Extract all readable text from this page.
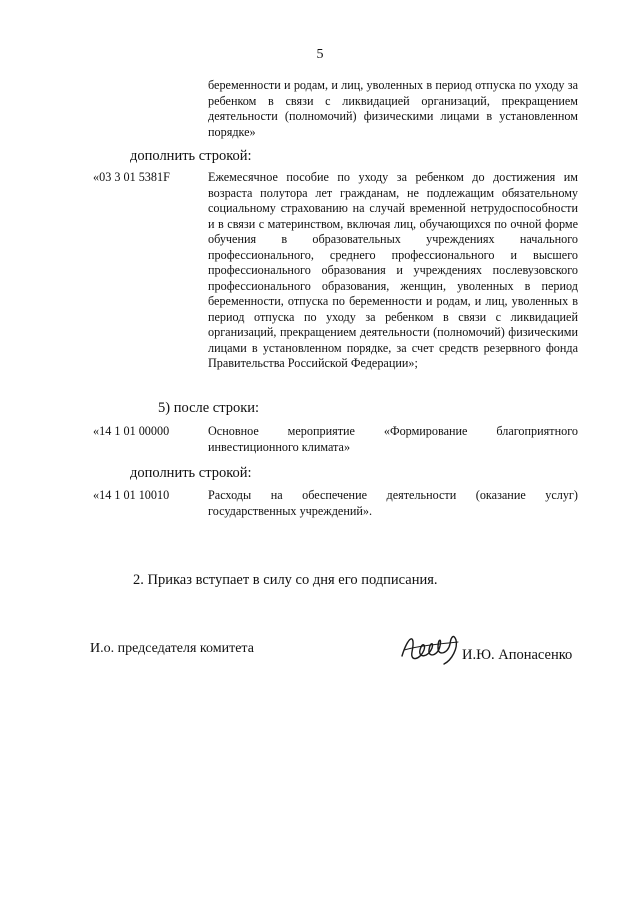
5
беременности и родам, и лиц, уволенных в период отпуска по уходу за ребенком в связи с ликвидацией организаций, прекращением деятельности (полномочий) физическими лицами в установленном порядке»
дополнить строкой:
«03 3 01 5381F	Ежемесячное пособие по уходу за ребенком до достижения им возраста полутора лет гражданам, не подлежащим обязательному социальному страхованию на случай временной нетрудоспособности и в связи с материнством, включая лиц, обучающихся по очной форме обучения в образовательных учреждениях начального профессионального, среднего профессионального и высшего профессионального образования и учреждениях послевузовского профессионального образования, женщин, уволенных в период беременности, отпуска по беременности и родам, и лиц, уволенных в период отпуска по уходу за ребенком в связи с ликвидацией организаций, прекращением деятельности (полномочий) физическими лицами в установленном порядке, за счет средств резервного фонда Правительства Российской Федерации»;
5) после строки:
«14 1 01 00000	Основное мероприятие «Формирование благоприятного инвестиционного климата»
дополнить строкой:
«14 1 01 10010	Расходы на обеспечение деятельности (оказание услуг) государственных учреждений».
2. Приказ вступает в силу со дня его подписания.
И.о. председателя комитета	И.Ю. Апонасенко
